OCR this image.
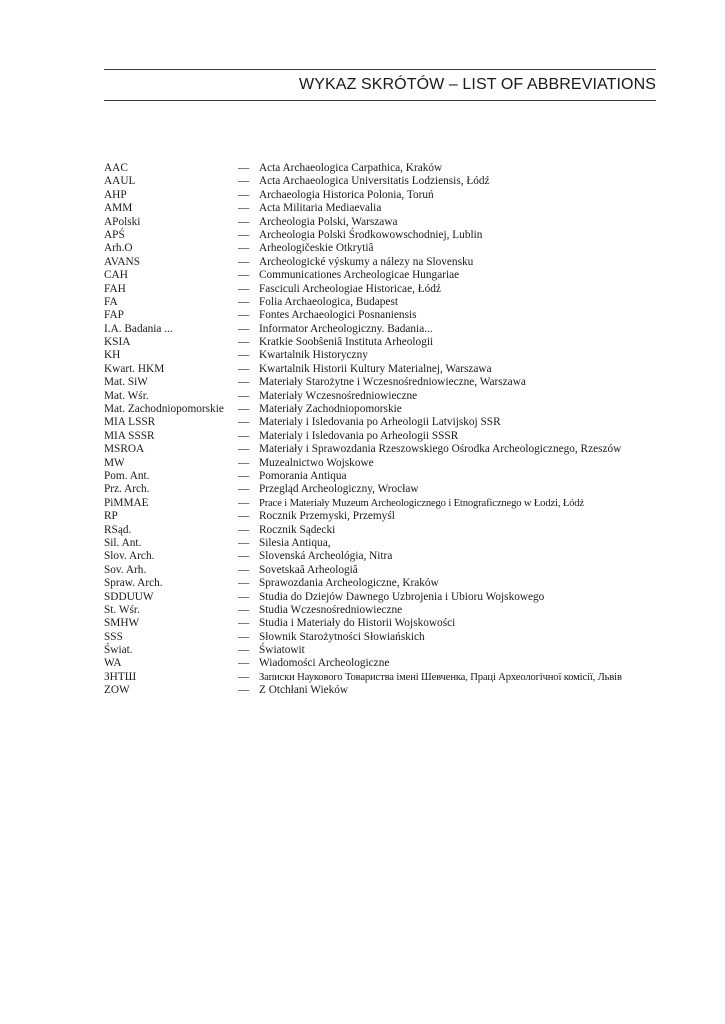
WYKAZ SKRÓTÓW – LIST OF ABBREVIATIONS
AAC	— Acta Archaeologica Carpathica, Kraków
AAUL	— Acta Archaeologica Universitatis Lodziensis, Łódź
AHP	— Archaeologia Historica Polonia, Toruń
AMM	— Acta Militaria Mediaevalia
APolski	— Archeologia Polski, Warszawa
APŚ	— Archeologia Polski Środkowowschodniej, Lublin
Arh.O	— Arheologičeskie Otkrytiâ
AVANS	— Archeologické výskumy a nálezy na Slovensku
CAH	— Communicationes Archeologicae Hungariae
FAH	— Fasciculi Archeologiae Historicae, Łódź
FA	— Folia Archaeologica, Budapest
FAP	— Fontes Archaeologici Posnaniensis
I.A. Badania ...	— Informator Archeologiczny. Badania...
KSIA	— Kratkie Soobŝeniâ Instituta Arheologii
KH	— Kwartalnik Historyczny
Kwart. HKM	— Kwartalnik Historii Kultury Materialnej, Warszawa
Mat. SiW	— Materiały Starożytne i Wczesnośredniowieczne, Warszawa
Mat. Wśr.	— Materiały Wczesnośredniowieczne
Mat. Zachodniopomorskie — Materiały Zachodniopomorskie
MIA LSSR	— Materialy i Isledovania po Arheologii Latvijskoj SSR
MIA SSSR	— Materialy i Isledovania po Arheologii SSSR
MSROA	— Materiały i Sprawozdania Rzeszowskiego Ośrodka Archeologicznego, Rzeszów
MW	— Muzealnictwo Wojskowe
Pom. Ant.	— Pomorania Antiqua
Prz. Arch.	— Przegląd Archeologiczny, Wrocław
PiMMAE	— Prace i Materiały Muzeum Archeologicznego i Etnograficznego w Łodzi, Łódź
RP	— Rocznik Przemyski, Przemyśl
RSąd.	— Rocznik Sądecki
Sil. Ant.	— Silesia Antiqua,
Slov. Arch.	— Slovenská Archeológia, Nitra
Sov. Arh.	— Sovetskaâ Arheologiâ
Spraw. Arch.	— Sprawozdania Archeologiczne, Kraków
SDDUUW	— Studia do Dziejów Dawnego Uzbrojenia i Ubioru Wojskowego
St. Wśr.	— Studia Wczesnośredniowieczne
SMHW	— Studia i Materiały do Historii Wojskowości
SSS	— Słownik Starożytności Słowiańskich
Świat.	— Światowit
WA	— Wiadomości Archeologiczne
ЗНТШ	— Записки Наукового Товариства імені Шевченка, Праці Археологічної комісії, Львів
ZOW	— Z Otchłani Wieków
